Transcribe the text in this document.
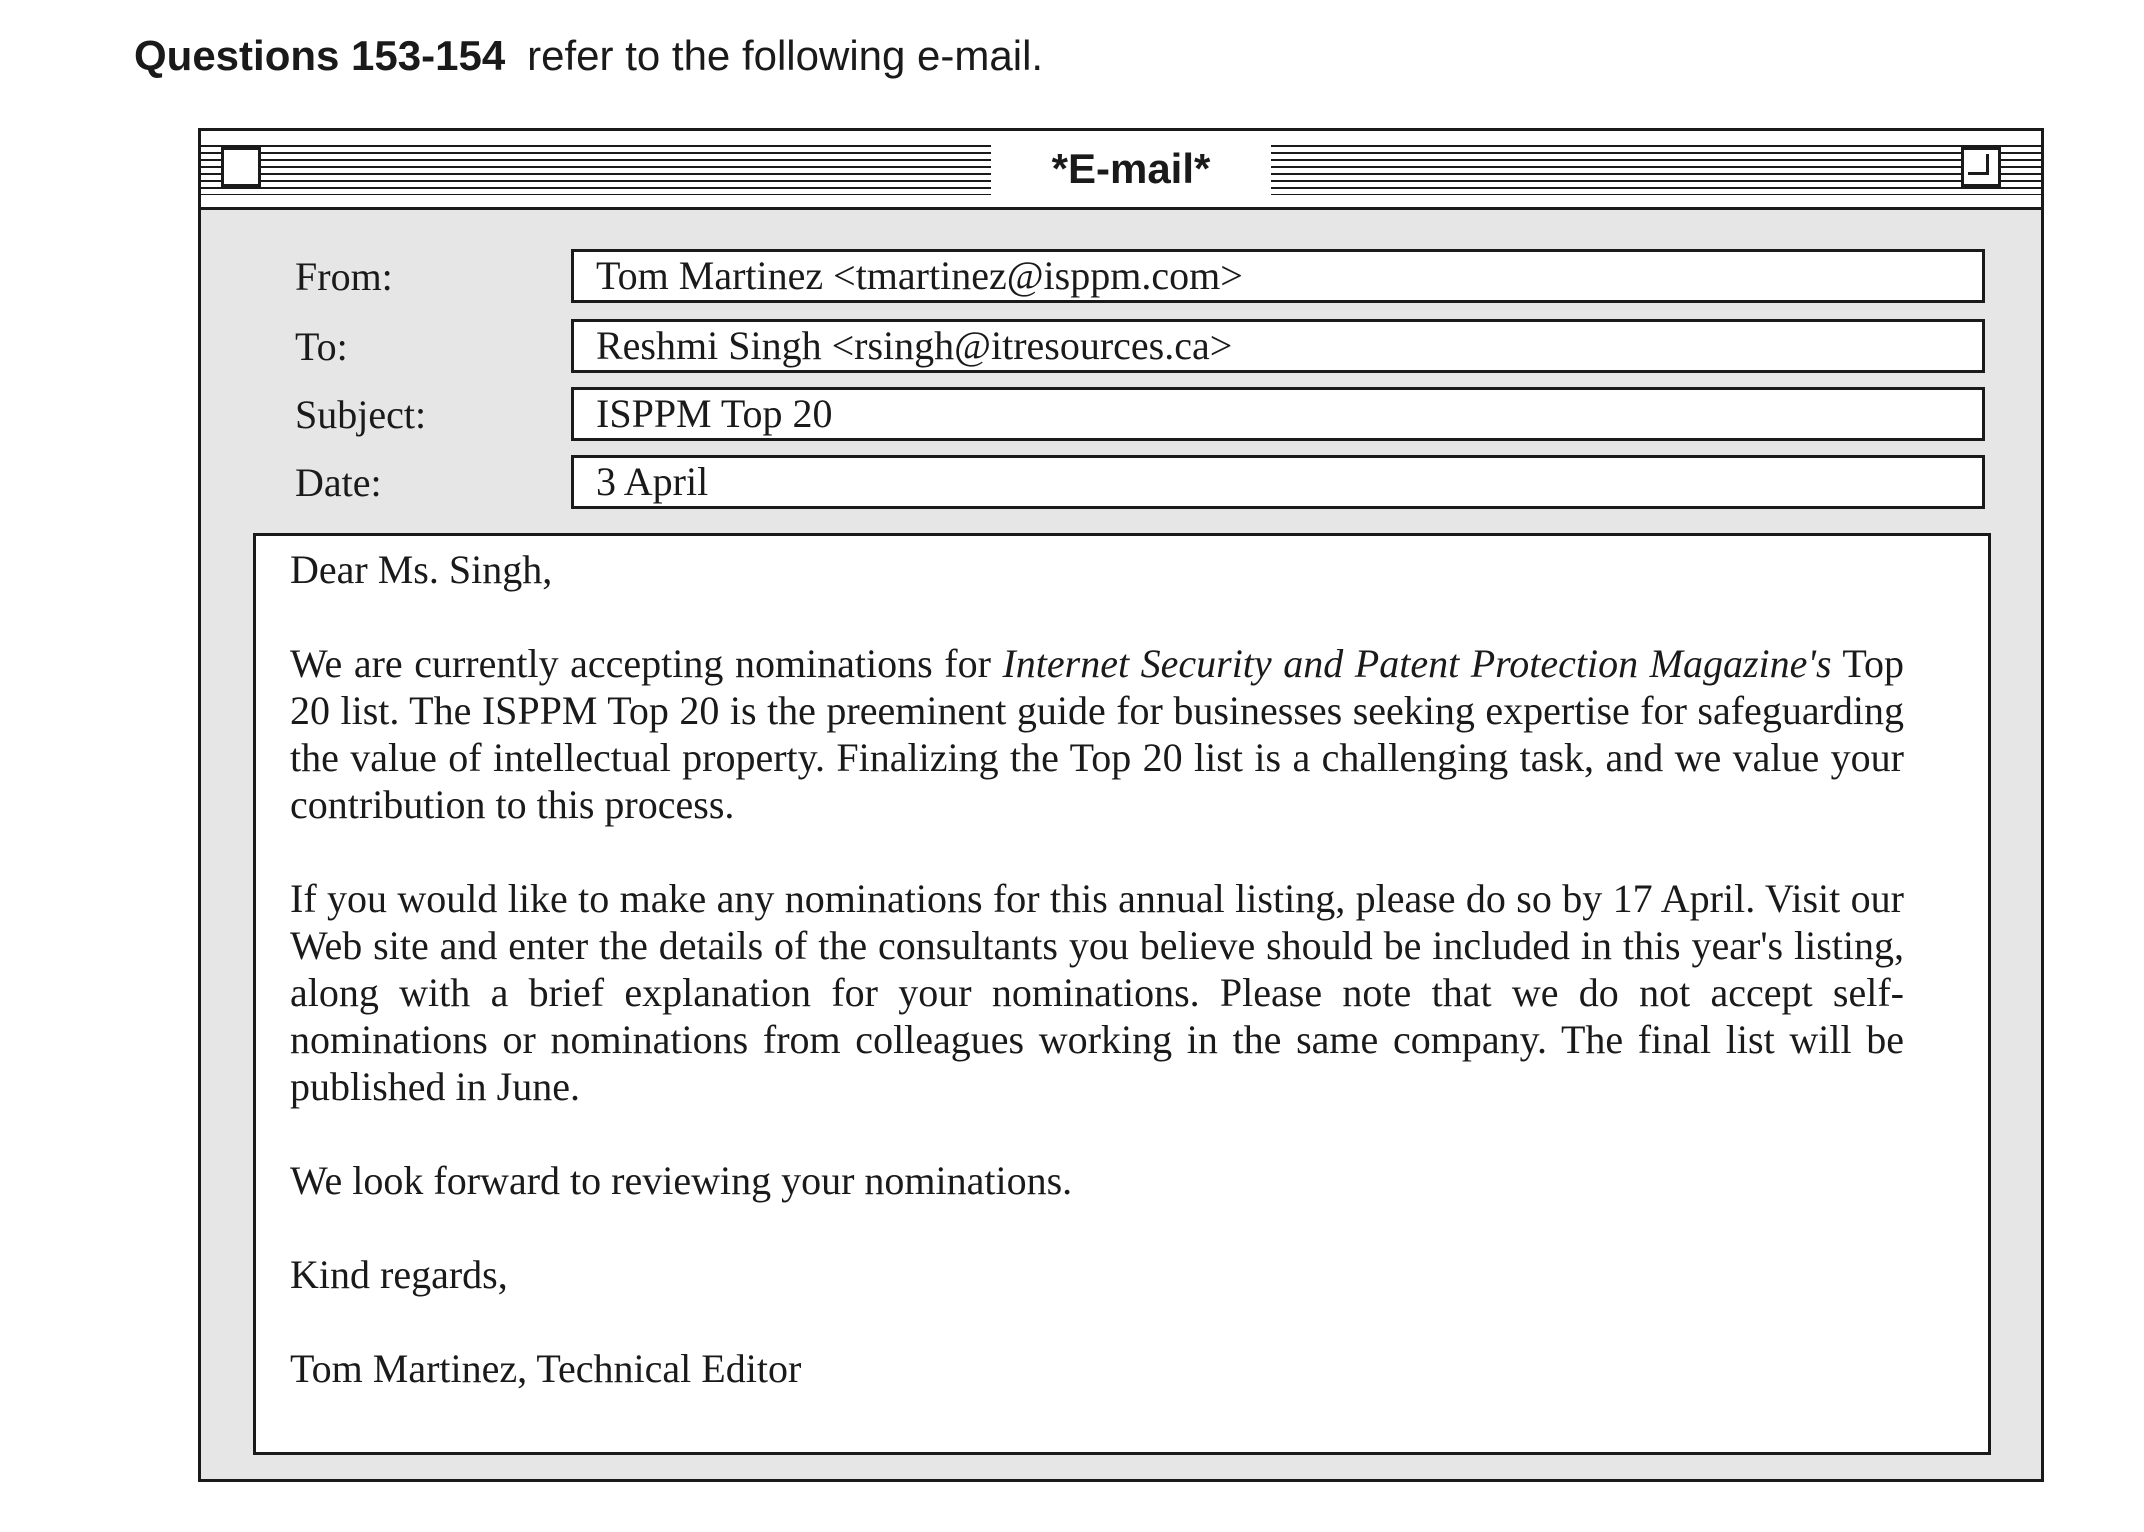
Questions 153-154 refer to the following e-mail.
*E-mail*
From:	Tom Martinez <tmartinez@isppm.com>
To:	Reshmi Singh <rsingh@itresources.ca>
Subject:	ISPPM Top 20
Date:	3 April

Dear Ms. Singh,

We are currently accepting nominations for Internet Security and Patent Protection Magazine's Top 20 list. The ISPPM Top 20 is the preeminent guide for businesses seeking expertise for safeguarding the value of intellectual property. Finalizing the Top 20 list is a challenging task, and we value your contribution to this process.

If you would like to make any nominations for this annual listing, please do so by 17 April. Visit our Web site and enter the details of the consultants you believe should be included in this year's listing, along with a brief explanation for your nominations. Please note that we do not accept self-nominations or nominations from colleagues working in the same company. The final list will be published in June.

We look forward to reviewing your nominations.

Kind regards,

Tom Martinez, Technical Editor
